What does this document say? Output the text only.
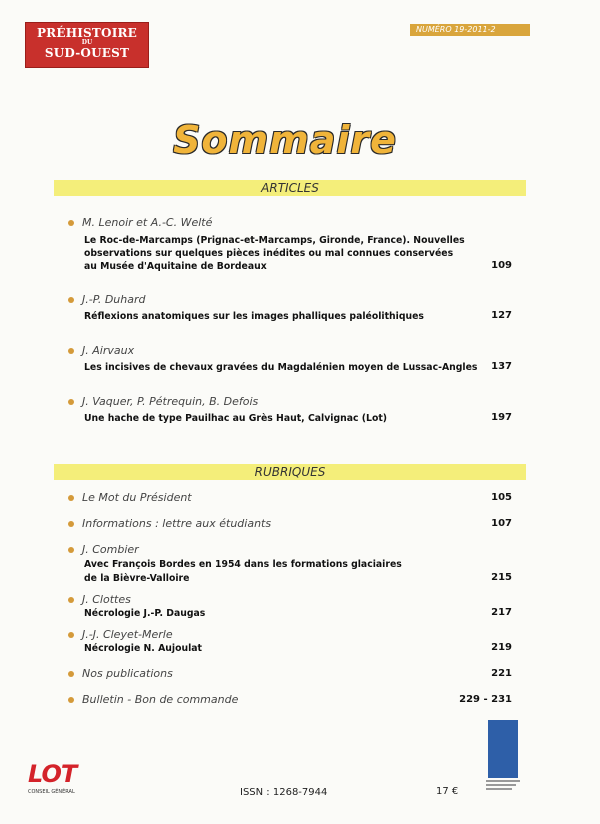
PRÉHISTOIRE
DU
SUD-OUEST
NUMÉRO 19-2011-2
Sommaire
ARTICLES
M. Lenoir et A.-C. Welté
Le Roc-de-Marcamps (Prignac-et-Marcamps, Gironde, France). Nouvelles
observations sur quelques pièces inédites ou mal connues conservées
au Musée d'Aquitaine de Bordeaux	109
J.-P. Duhard
Réflexions anatomiques sur les images phalliques paléolithiques	127
J. Airvaux
Les incisives de chevaux gravées du Magdalénien moyen de Lussac-Angles 137
J. Vaquer, P. Pétrequin, B. Defois
Une hache de type Pauilhac au Grès Haut, Calvignac (Lot)	197
RUBRIQUES
Le Mot du Président	105
Informations : lettre aux étudiants	107
J. Combier
Avec François Bordes en 1954 dans les formations glaciaires
de la Bièvre-Valloire	215
J. Clottes
Nécrologie J.-P. Daugas	217
J.-J. Cleyet-Merle
Nécrologie N. Aujoulat	219
Nos publications	221
Bulletin - Bon de commande	229 - 231
LOT
CONSEIL GÉNÉRAL	ISSN : 1268-7944	17 €
